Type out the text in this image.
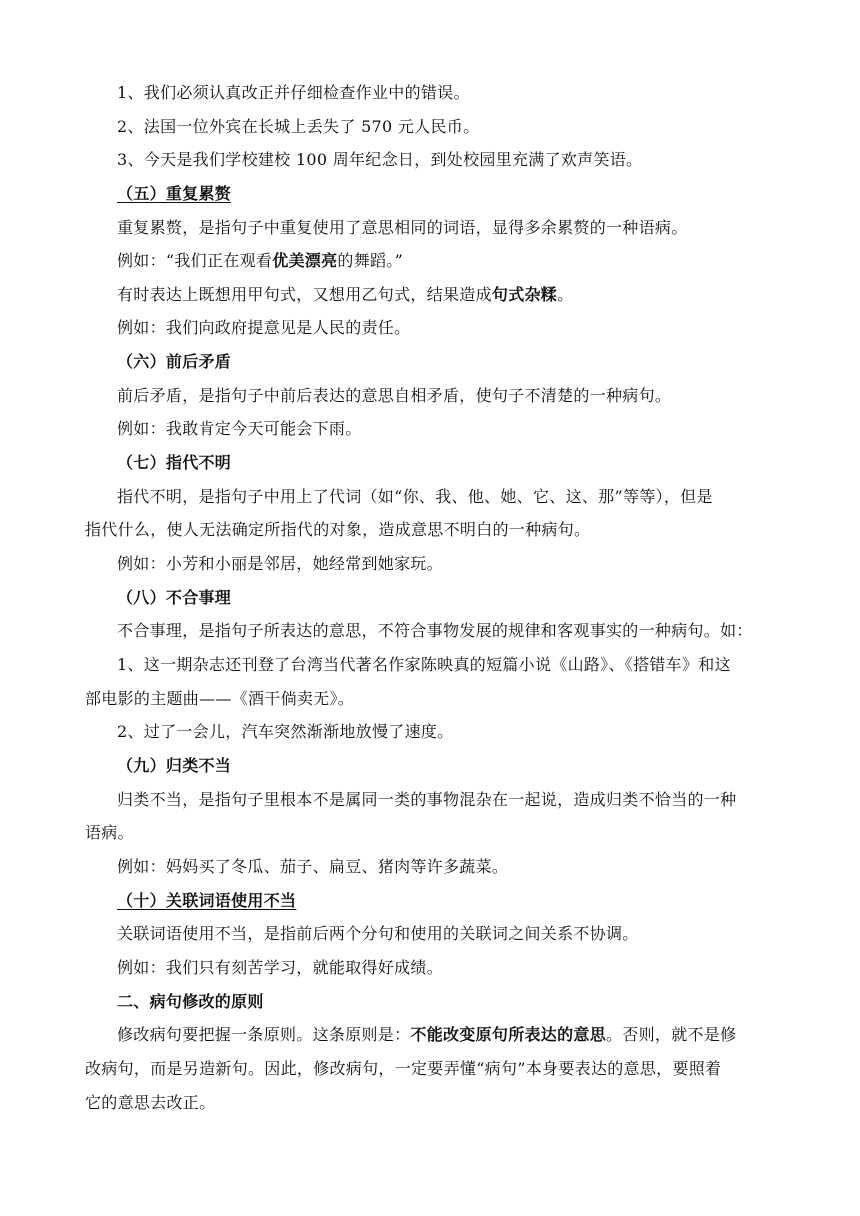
1、我们必须认真改正并仔细检查作业中的错误。
2、法国一位外宾在长城上丢失了 570 元人民币。
3、今天是我们学校建校 100 周年纪念日，到处校园里充满了欢声笑语。
（五）重复累赘
重复累赘，是指句子中重复使用了意思相同的词语，显得多余累赘的一种语病。
例如：“我们正在观看优美漂亮的舞蹈。”
有时表达上既想用甲句式，又想用乙句式，结果造成句式杂糅。
例如：我们向政府提意见是人民的责任。
（六）前后矛盾
前后矛盾，是指句子中前后表达的意思自相矛盾，使句子不清楚的一种病句。
例如：我敢肯定今天可能会下雨。
（七）指代不明
指代不明，是指句子中用上了代词（如“你、我、他、她、它、这、那”等等），但是
指代什么，使人无法确定所指代的对象，造成意思不明白的一种病句。
例如：小芳和小丽是邻居，她经常到她家玩。
（八）不合事理
不合事理，是指句子所表达的意思，不符合事物发展的规律和客观事实的一种病句。如：
1、这一期杂志还刊登了台湾当代著名作家陈映真的短篇小说《山路》、《搭错车》和这
部电影的主题曲——《酒干倘卖无》。
2、过了一会儿，汽车突然渐渐地放慢了速度。
（九）归类不当
归类不当，是指句子里根本不是属同一类的事物混杂在一起说，造成归类不恰当的一种
语病。
例如：妈妈买了冬瓜、茄子、扁豆、猪肉等许多蔬菜。
（十）关联词语使用不当
关联词语使用不当，是指前后两个分句和使用的关联词之间关系不协调。
例如：我们只有刻苦学习，就能取得好成绩。
二、病句修改的原则
修改病句要把握一条原则。这条原则是：不能改变原句所表达的意思。否则，就不是修
改病句，而是另造新句。因此，修改病句，一定要弄懂“病句”本身要表达的意思，要照着
它的意思去改正。
